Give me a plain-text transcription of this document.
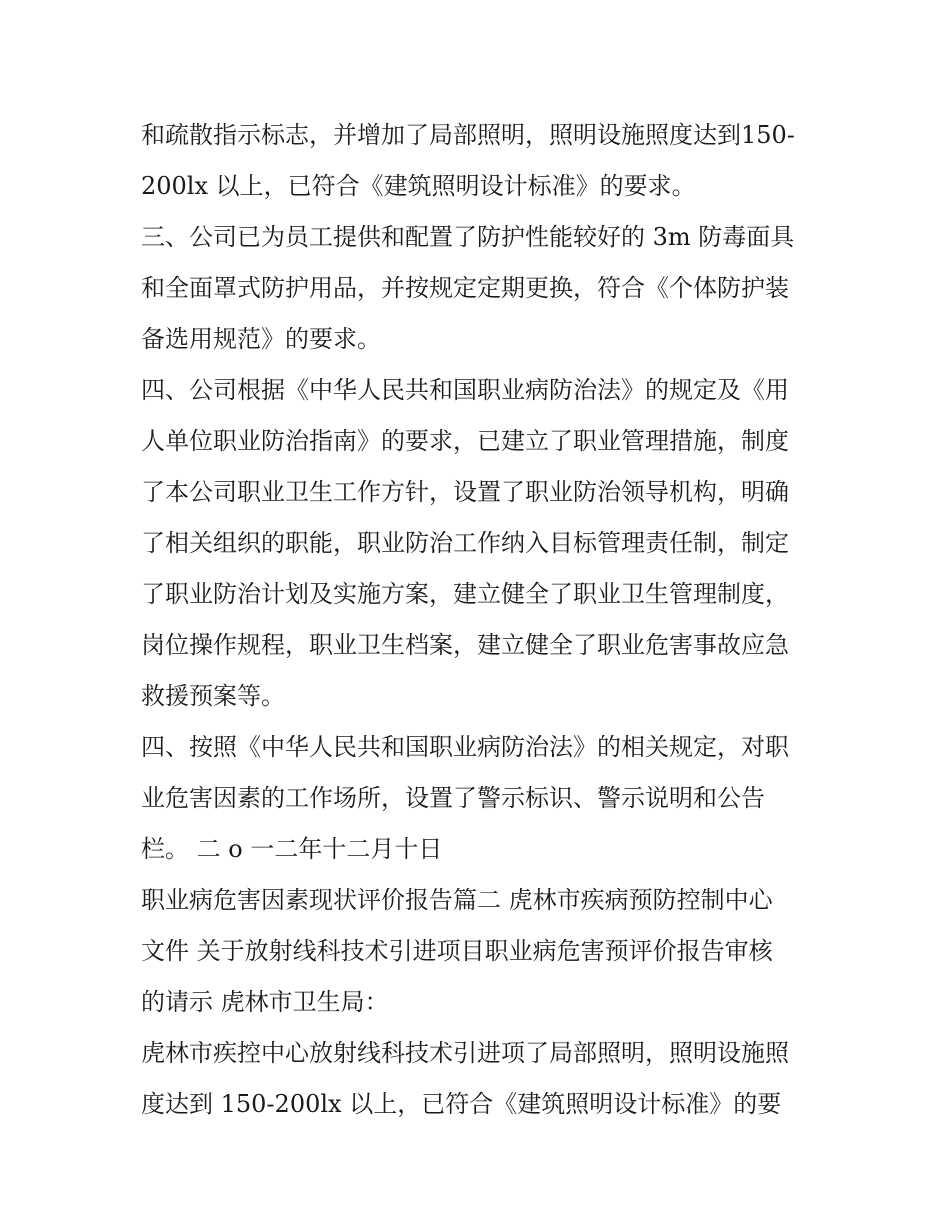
和疏散指示标志，并增加了局部照明，照明设施照度达到150-
200lx 以上，已符合《建筑照明设计标准》的要求。
三、公司已为员工提供和配置了防护性能较好的 3m 防毒面具
和全面罩式防护用品，并按规定定期更换，符合《个体防护装
备选用规范》的要求。
四、公司根据《中华人民共和国职业病防治法》的规定及《用
人单位职业防治指南》的要求，已建立了职业管理措施，制度
了本公司职业卫生工作方针，设置了职业防治领导机构，明确
了相关组织的职能，职业防治工作纳入目标管理责任制，制定
了职业防治计划及实施方案，建立健全了职业卫生管理制度，
岗位操作规程，职业卫生档案，建立健全了职业危害事故应急
救援预案等。
四、按照《中华人民共和国职业病防治法》的相关规定，对职
业危害因素的工作场所，设置了警示标识、警示说明和公告
栏。 二 o 一二年十二月十日
职业病危害因素现状评价报告篇二 虎林市疾病预防控制中心
文件 关于放射线科技术引进项目职业病危害预评价报告审核
的请示 虎林市卫生局：
虎林市疾控中心放射线科技术引进项了局部照明，照明设施照
度达到 150-200lx 以上，已符合《建筑照明设计标准》的要
